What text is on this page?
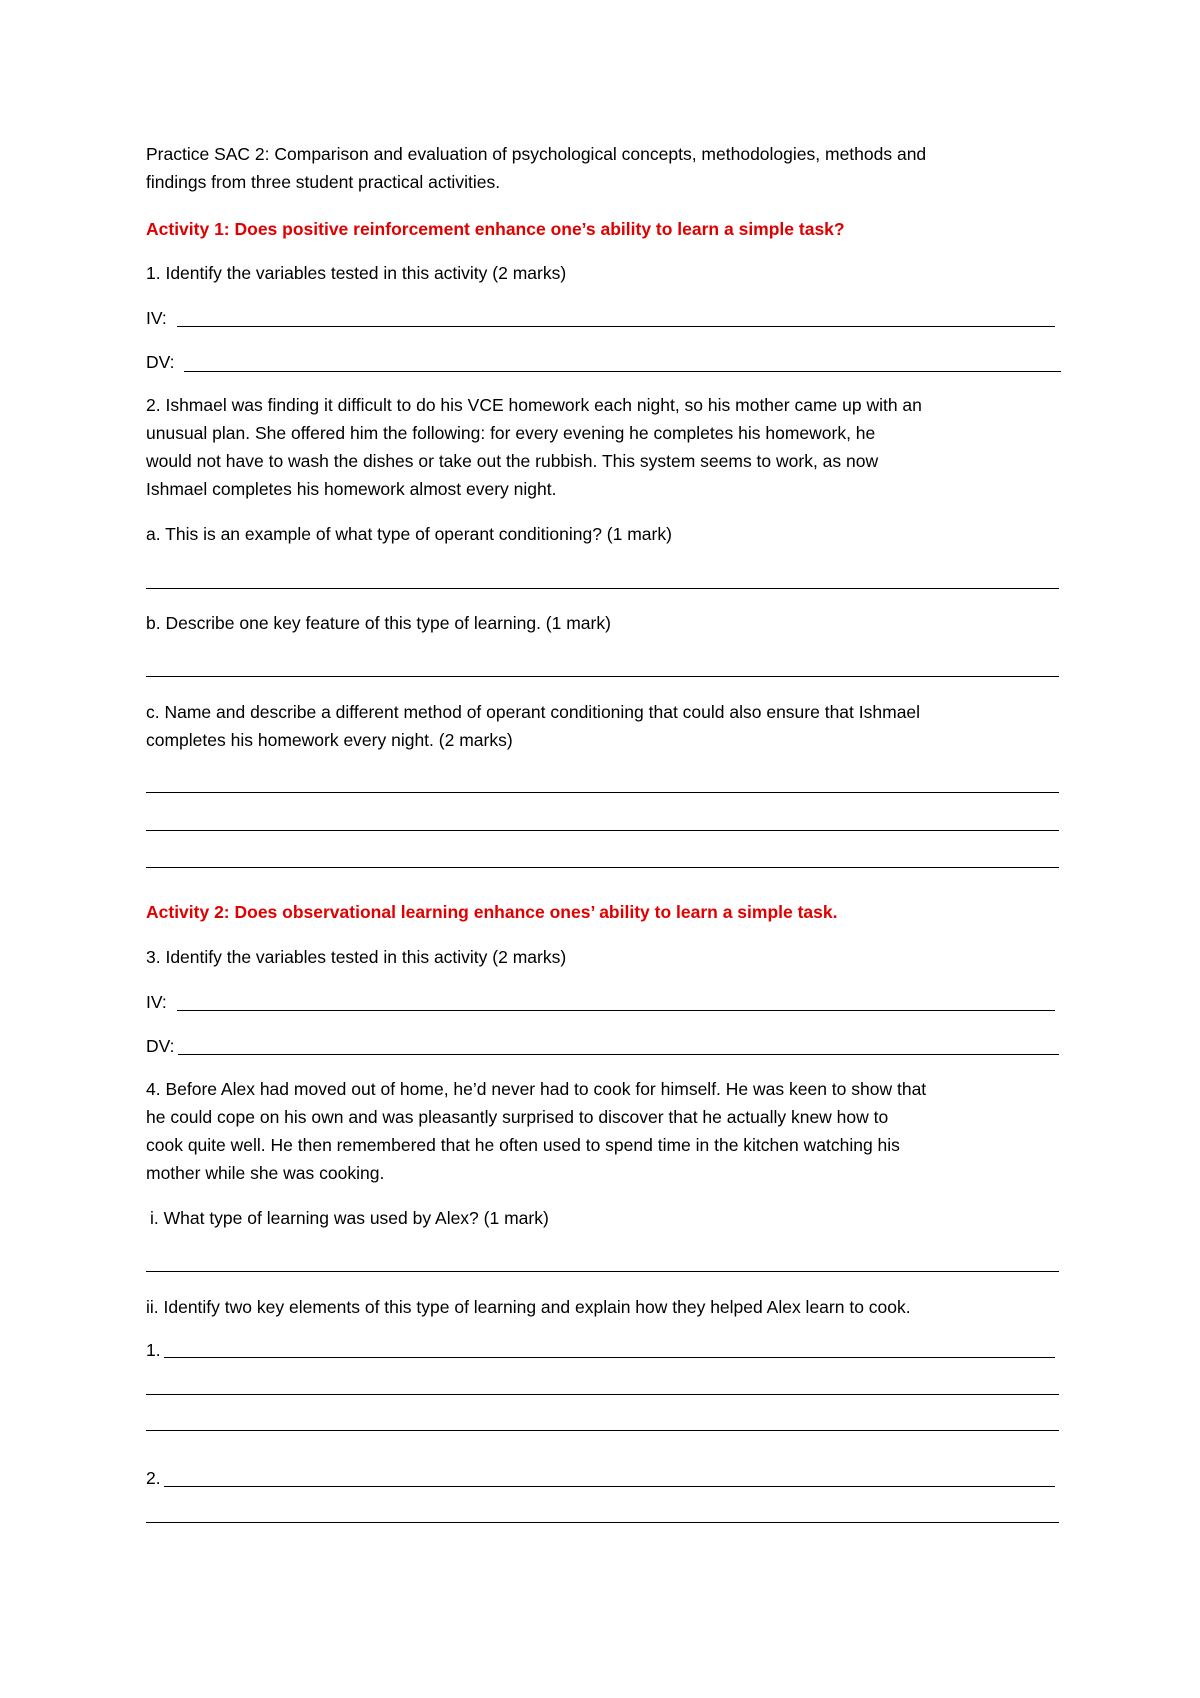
Practice SAC 2: Comparison and evaluation of psychological concepts, methodologies, methods and

findings from three student practical activities.

Activity 1: Does positive reinforcement enhance one’s ability to learn a simple task?

1. Identify the variables tested in this activity (2 marks)

IV:
DV:

2. Ishmael was finding it difficult to do his VCE homework each night, so his mother came up with an

unusual plan. She offered him the following: for every evening he completes his homework, he

would not have to wash the dishes or take out the rubbish. This system seems to work, as now

Ishmael completes his homework almost every night.

a. This is an example of what type of operant conditioning? (1 mark)

b. Describe one key feature of this type of learning. (1 mark)

c. Name and describe a different method of operant conditioning that could also ensure that Ishmael

completes his homework every night. (2 marks)

Activity 2: Does observational learning enhance ones’ ability to learn a simple task.

3. Identify the variables tested in this activity (2 marks)

IV:
DV:

4. Before Alex had moved out of home, he’d never had to cook for himself. He was keen to show that

he could cope on his own and was pleasantly surprised to discover that he actually knew how to

cook quite well. He then remembered that he often used to spend time in the kitchen watching his

mother while she was cooking.

i. What type of learning was used by Alex? (1 mark)

ii. Identify two key elements of this type of learning and explain how they helped Alex learn to cook.

1.
2.
